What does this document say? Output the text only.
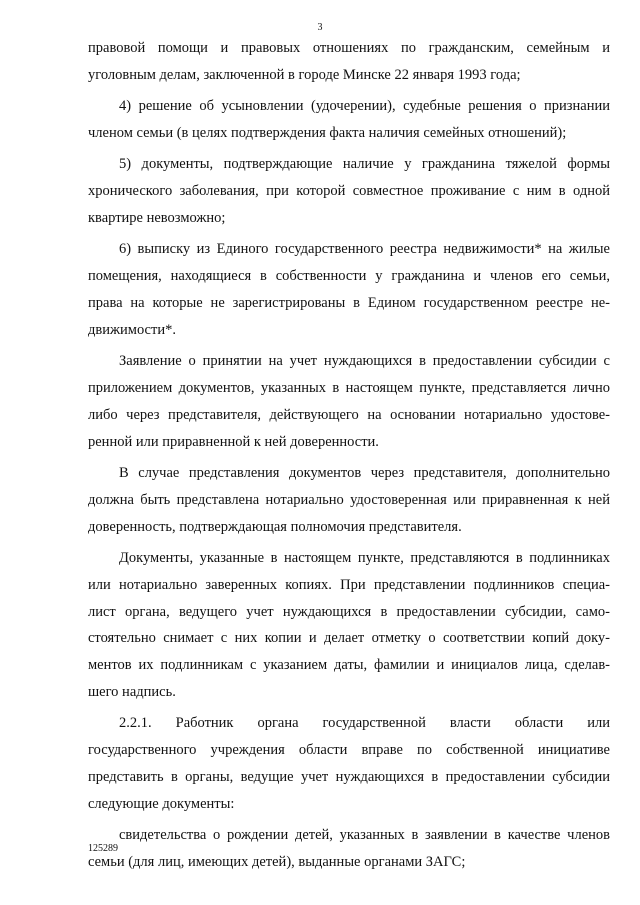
3
правовой помощи и правовых отношениях по гражданским, семейным и
уголовным делам, заключенной в городе Минске 22 января 1993 года;
4) решение об усыновлении (удочерении), судебные решения о признании
членом семьи (в целях подтверждения факта наличия семейных отношений);
5) документы, подтверждающие наличие у гражданина тяжелой формы
хронического заболевания, при которой совместное проживание с ним в одной
квартире невозможно;
6) выписку из Единого государственного реестра недвижимости* на жилые
помещения, находящиеся в собственности у гражданина и членов его семьи,
права на которые не зарегистрированы в Едином государственном реестре не-
движимости*.
Заявление о принятии на учет нуждающихся в предоставлении субсидии с
приложением документов, указанных в настоящем пункте, представляется лично
либо через представителя, действующего на основании нотариально удостове-
ренной или приравненной к ней доверенности.
В случае представления документов через представителя, дополнительно
должна быть представлена нотариально удостоверенная или приравненная к ней
доверенность, подтверждающая полномочия представителя.
Документы, указанные в настоящем пункте, представляются в подлинниках
или нотариально заверенных копиях. При представлении подлинников специа-
лист органа, ведущего учет нуждающихся в предоставлении субсидии, само-
стоятельно снимает с них копии и делает отметку о соответствии копий доку-
ментов их подлинникам с указанием даты, фамилии и инициалов лица, сделав-
шего надпись.
2.2.1. Работник органа государственной власти области или
государственного учреждения области вправе по собственной инициативе
представить в органы, ведущие учет нуждающихся в предоставлении субсидии
следующие документы:
свидетельства о рождении детей, указанных в заявлении в качестве членов
семьи (для лиц, имеющих детей), выданные органами ЗАГС;
125289
